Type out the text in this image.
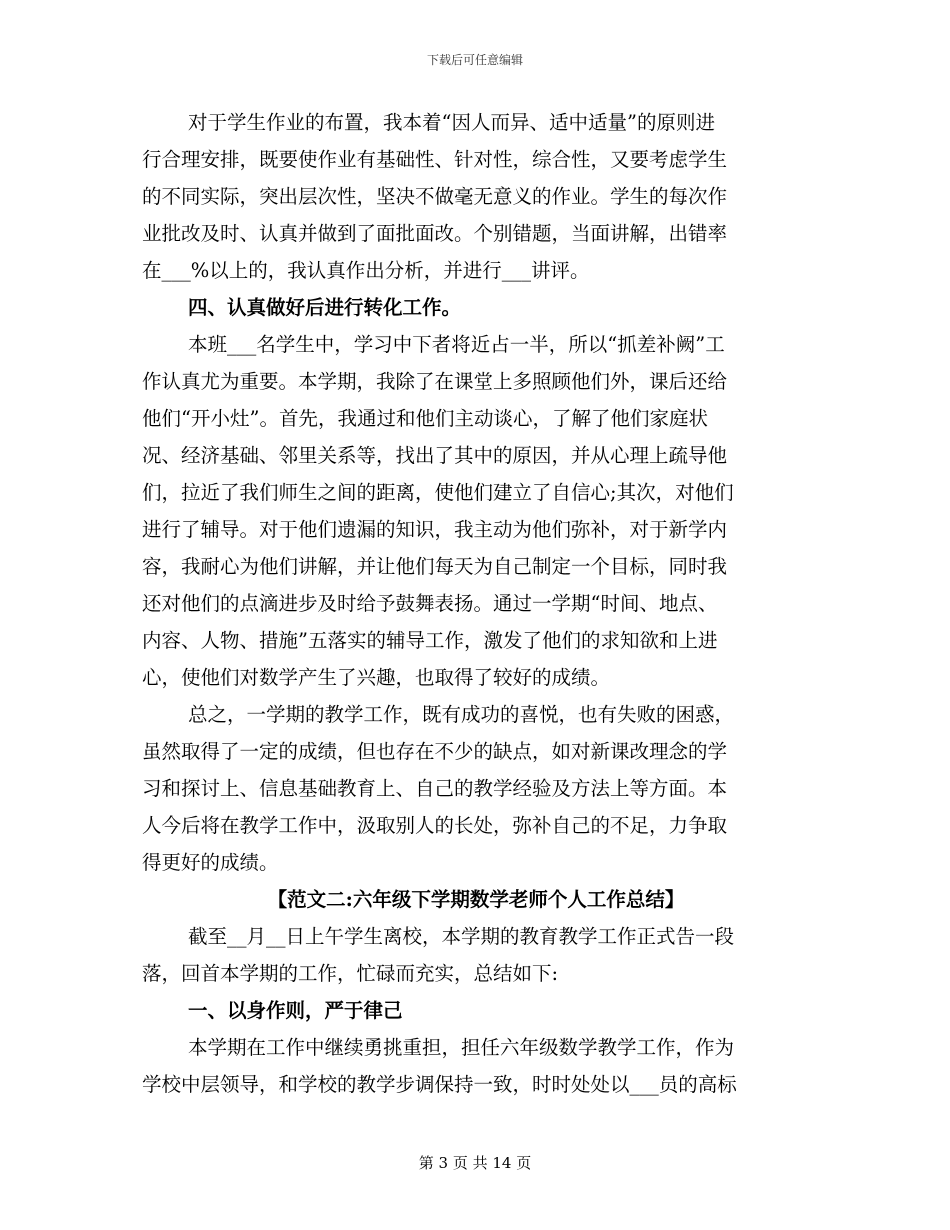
下载后可任意编辑
对于学生作业的布置，我本着“因人而异、适中适量”的原则进
行合理安排，既要使作业有基础性、针对性，综合性，又要考虑学生
的不同实际，突出层次性，坚决不做毫无意义的作业。学生的每次作
业批改及时、认真并做到了面批面改。个别错题，当面讲解，出错率
在___%以上的，我认真作出分析，并进行___讲评。
四、认真做好后进行转化工作。
本班___名学生中，学习中下者将近占一半，所以“抓差补阙”工
作认真尤为重要。本学期，我除了在课堂上多照顾他们外，课后还给
他们“开小灶”。首先，我通过和他们主动谈心，了解了他们家庭状
况、经济基础、邻里关系等，找出了其中的原因，并从心理上疏导他
们，拉近了我们师生之间的距离，使他们建立了自信心;其次，对他们
进行了辅导。对于他们遗漏的知识，我主动为他们弥补，对于新学内
容，我耐心为他们讲解，并让他们每天为自己制定一个目标，同时我
还对他们的点滴进步及时给予鼓舞表扬。通过一学期“时间、地点、
内容、人物、措施”五落实的辅导工作，激发了他们的求知欲和上进
心，使他们对数学产生了兴趣，也取得了较好的成绩。
总之，一学期的教学工作，既有成功的喜悦，也有失败的困惑，
虽然取得了一定的成绩，但也存在不少的缺点，如对新课改理念的学
习和探讨上、信息基础教育上、自己的教学经验及方法上等方面。本
人今后将在教学工作中，汲取别人的长处，弥补自己的不足，力争取
得更好的成绩。
【范文二:六年级下学期数学老师个人工作总结】
截至__月__日上午学生离校，本学期的教育教学工作正式告一段
落，回首本学期的工作，忙碌而充实，总结如下:
一、以身作则，严于律己
本学期在工作中继续勇挑重担，担任六年级数学教学工作，作为
学校中层领导，和学校的教学步调保持一致，时时处处以___员的高标
第 3 页 共 14 页
